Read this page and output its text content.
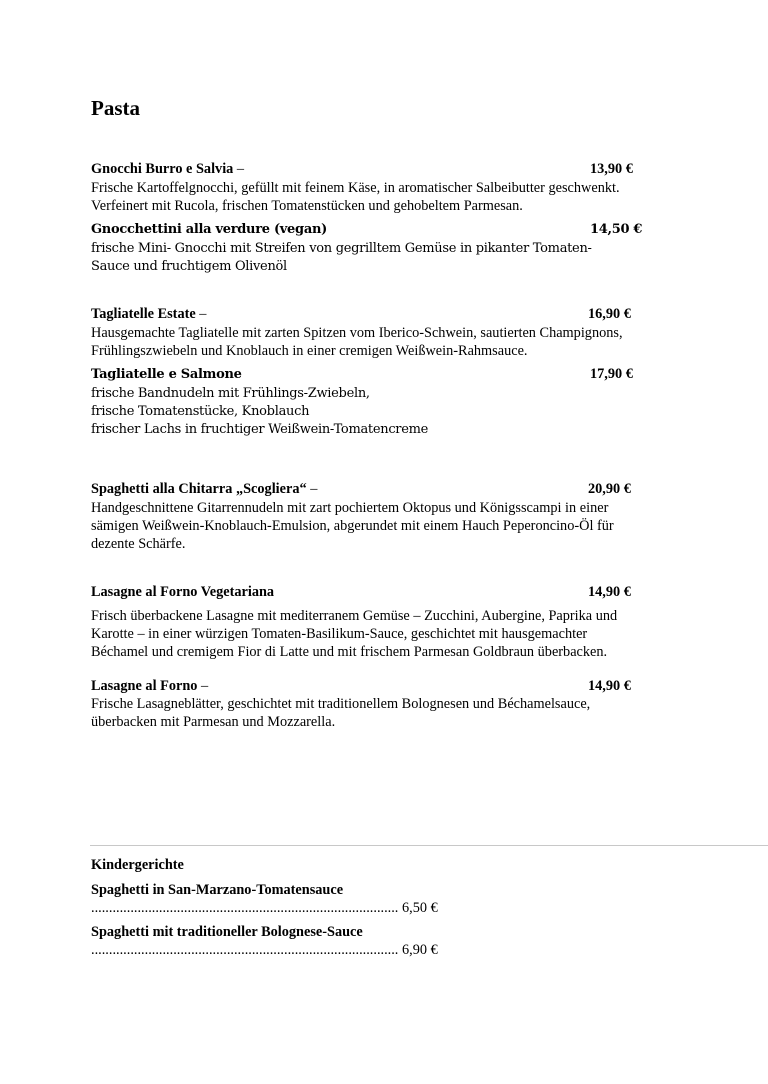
Pasta
Gnocchi Burro e Salvia –	13,90 €
Frische Kartoffelgnocchi, gefüllt mit feinem Käse, in aromatischer Salbeibutter geschwenkt.
Verfeinert mit Rucola, frischen Tomatenstücken und gehobeltem Parmesan.
Gnocchettini alla verdure (vegan)	14,50 €
frische Mini- Gnocchi mit Streifen von gegrilltem Gemüse in pikanter Tomaten-
Sauce und fruchtigem Olivenöl
Tagliatelle Estate –	16,90 €
Hausgemachte Tagliatelle mit zarten Spitzen vom Iberico-Schwein, sautierten Champignons,
Frühlingszwiebeln und Knoblauch in einer cremigen Weißwein-Rahmsauce.
Tagliatelle e Salmone	17,90 €
frische Bandnudeln mit Frühlings-Zwiebeln,
frische Tomatenstücke, Knoblauch
frischer Lachs in fruchtiger Weißwein-Tomatencreme
Spaghetti alla Chitarra „Scogliera“ –	20,90 €
Handgeschnittene Gitarrennudeln mit zart pochiertem Oktopus und Königsscampi in einer
sämigen Weißwein-Knoblauch-Emulsion, abgerundet mit einem Hauch Peperoncino-Öl für
dezente Schärfe.
Lasagne al Forno Vegetariana	14,90 €
Frisch überbackene Lasagne mit mediterranem Gemüse – Zucchini, Aubergine, Paprika und
Karotte – in einer würzigen Tomaten-Basilikum-Sauce, geschichtet mit hausgemachter
Béchamel und cremigem Fior di Latte und mit frischem Parmesan Goldbraun überbacken.
Lasagne al Forno –	14,90 €
Frische Lasagneblätter, geschichtet mit traditionellem Bolognesen und Béchamelsauce,
überbacken mit Parmesan und Mozzarella.
Kindergerichte
Spaghetti in San-Marzano-Tomatensauce
...................................................................................... 6,50 €
Spaghetti mit traditioneller Bolognese-Sauce
...................................................................................... 6,90 €
